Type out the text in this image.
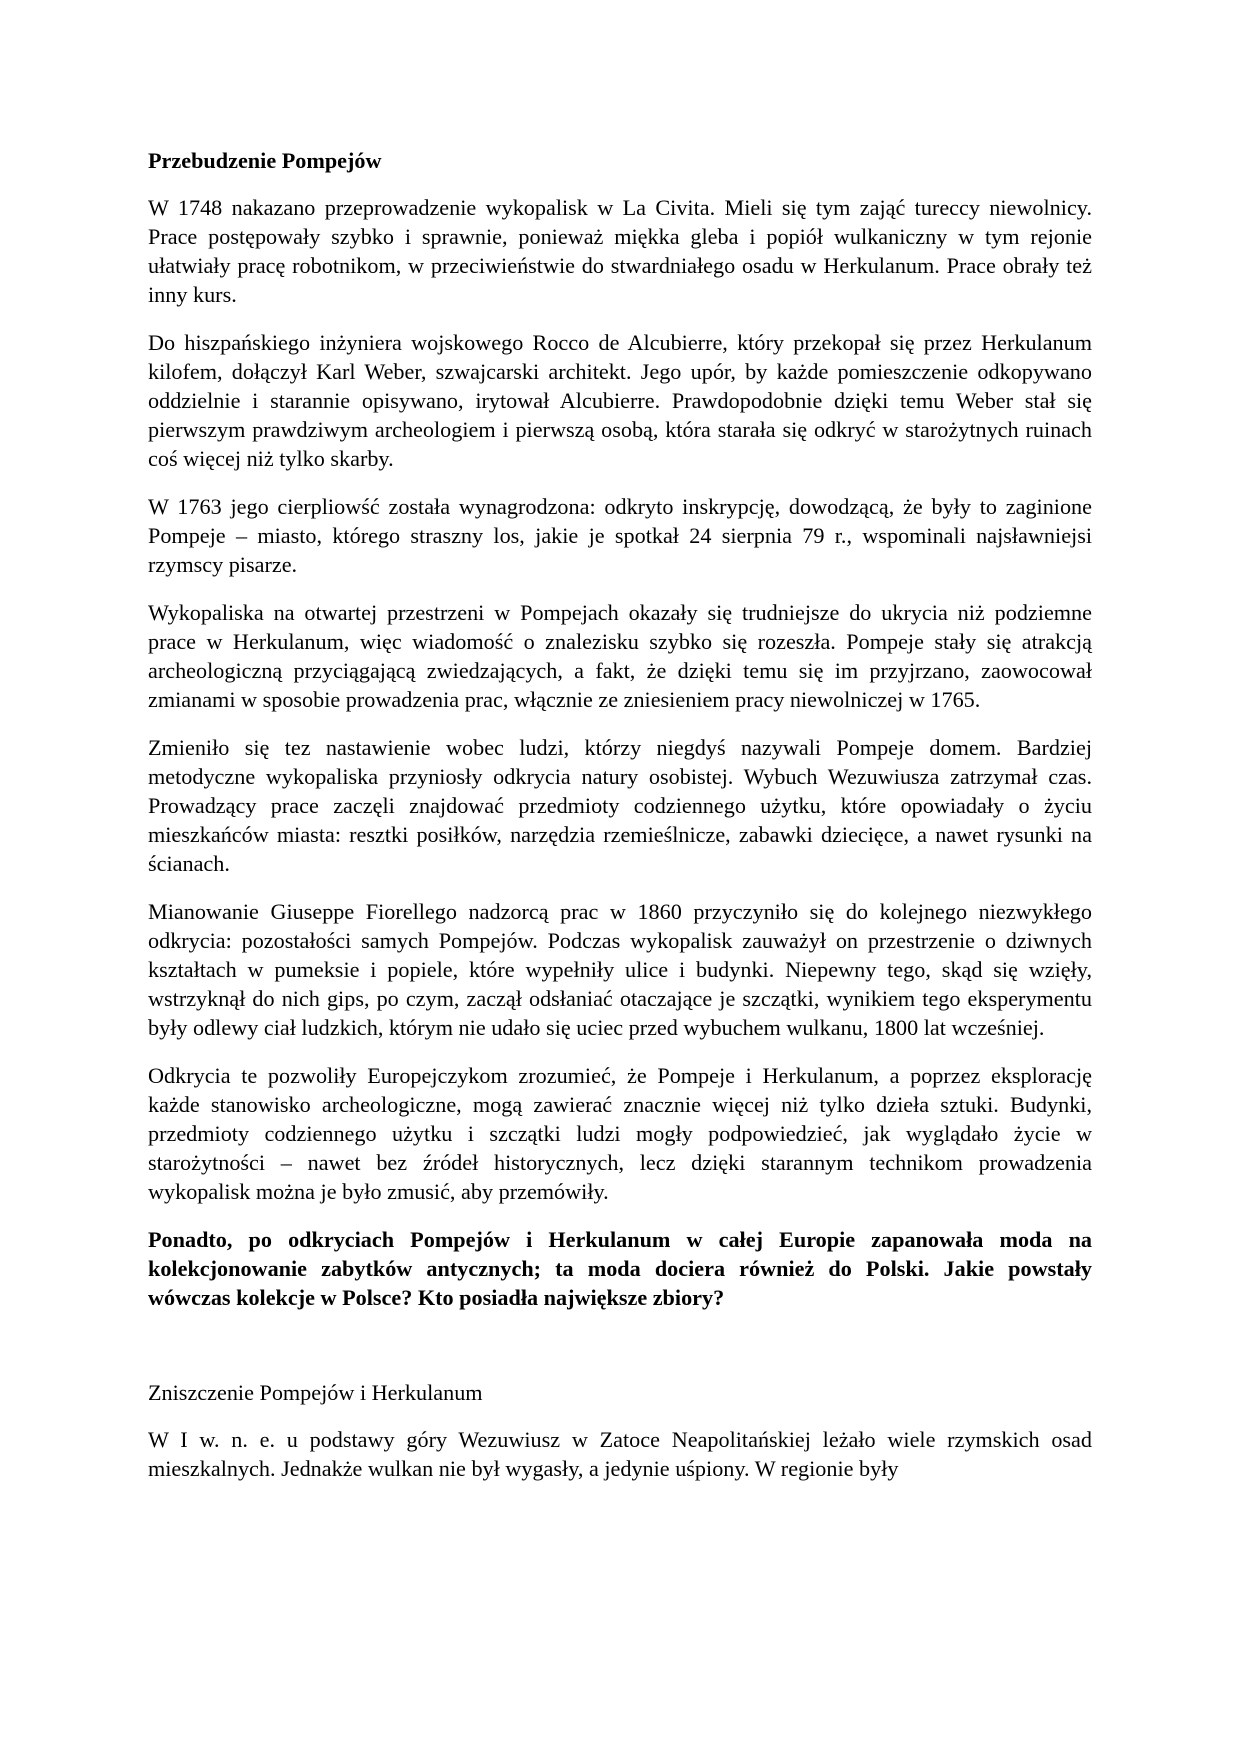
Przebudzenie Pompejów

W 1748 nakazano przeprowadzenie wykopalisk w La Civita. Mieli się tym zająć tureccy niewolnicy. Prace postępowały szybko i sprawnie, ponieważ miękka gleba i popiół wulkaniczny w tym rejonie ułatwiały pracę robotnikom, w przeciwieństwie do stwardniałego osadu w Herkulanum. Prace obrały też inny kurs.

Do hiszpańskiego inżyniera wojskowego Rocco de Alcubierre, który przekopał się przez Herkulanum kilofem, dołączył Karl Weber, szwajcarski architekt. Jego upór, by każde pomieszczenie odkopywano oddzielnie i starannie opisywano, irytował Alcubierre. Prawdopodobnie dzięki temu Weber stał się pierwszym prawdziwym archeologiem i pierwszą osobą, która starała się odkryć w starożytnych ruinach coś więcej niż tylko skarby.

W 1763 jego cierpliowść została wynagrodzona: odkryto inskrypcję, dowodzącą, że były to zaginione Pompeje – miasto, którego straszny los, jakie je spotkał 24 sierpnia 79 r., wspominali najsławniejsi rzymscy pisarze.

Wykopaliska na otwartej przestrzeni w Pompejach okazały się trudniejsze do ukrycia niż podziemne prace w Herkulanum, więc wiadomość o znalezisku szybko się rozeszła. Pompeje stały się atrakcją archeologiczną przyciągającą zwiedzających, a fakt, że dzięki temu się im przyjrzano, zaowocował zmianami w sposobie prowadzenia prac, włącznie ze zniesieniem pracy niewolniczej w 1765.

Zmieniło się tez nastawienie wobec ludzi, którzy niegdyś nazywali Pompeje domem. Bardziej metodyczne wykopaliska przyniosły odkrycia natury osobistej. Wybuch Wezuwiusza zatrzymał czas. Prowadzący prace zaczęli znajdować przedmioty codziennego użytku, które opowiadały o życiu mieszkańców miasta: resztki posiłków, narzędzia rzemieślnicze, zabawki dziecięce, a nawet rysunki na ścianach.

Mianowanie Giuseppe Fiorellego nadzorcą prac w 1860 przyczyniło się do kolejnego niezwykłego odkrycia: pozostałości samych Pompejów. Podczas wykopalisk zauważył on przestrzenie o dziwnych kształtach w pumeksie i popiele, które wypełniły ulice i budynki. Niepewny tego, skąd się wzięły, wstrzyknął do nich gips, po czym, zaczął odsłaniać otaczające je szczątki, wynikiem tego eksperymentu były odlewy ciał ludzkich, którym nie udało się uciec przed wybuchem wulkanu, 1800 lat wcześniej.

Odkrycia te pozwoliły Europejczykom zrozumieć, że Pompeje i Herkulanum, a poprzez eksplorację każde stanowisko archeologiczne, mogą zawierać znacznie więcej niż tylko dzieła sztuki. Budynki, przedmioty codziennego użytku i szczątki ludzi mogły podpowiedzieć, jak wyglądało życie w starożytności – nawet bez źródeł historycznych, lecz dzięki starannym technikom prowadzenia wykopalisk można je było zmusić, aby przemówiły.

Ponadto, po odkryciach Pompejów i Herkulanum w całej Europie zapanowała moda na kolekcjonowanie zabytków antycznych; ta moda dociera również do Polski. Jakie powstały wówczas kolekcje w Polsce? Kto posiadła największe zbiory?

Zniszczenie Pompejów i Herkulanum

W I w. n. e. u podstawy góry Wezuwiusz w Zatoce Neapolitańskiej leżało wiele rzymskich osad mieszkalnych. Jednakże wulkan nie był wygasły, a jedynie uśpiony. W regionie były
